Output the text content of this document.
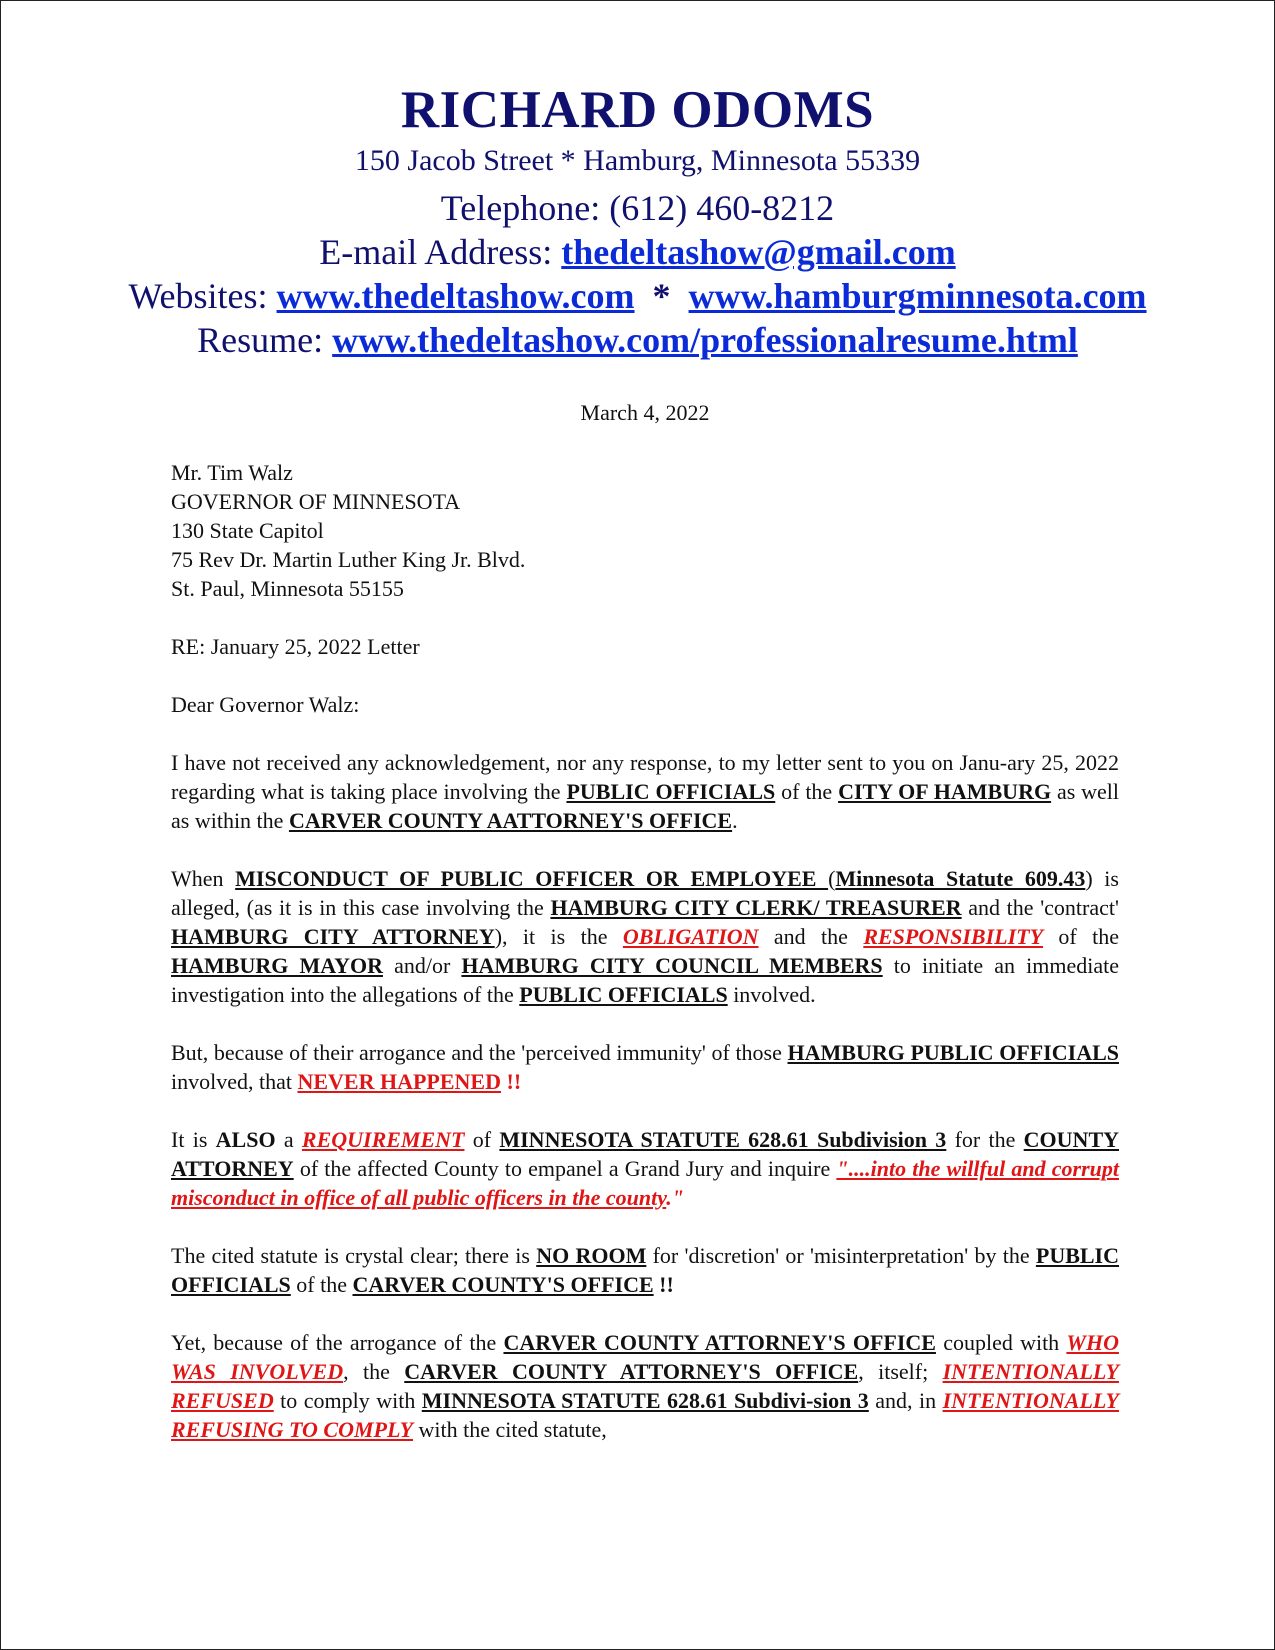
RICHARD ODOMS
150 Jacob Street * Hamburg, Minnesota 55339
Telephone: (612) 460-8212
E-mail Address: thedeltashow@gmail.com
Websites: www.thedeltashow.com  *  www.hamburgminnesota.com
Resume: www.thedeltashow.com/professionalresume.html
March 4, 2022
Mr. Tim Walz
GOVERNOR OF MINNESOTA
130 State Capitol
75 Rev Dr. Martin Luther King Jr. Blvd.
St. Paul, Minnesota 55155
RE: January 25, 2022 Letter
Dear Governor Walz:

I have not received any acknowledgement, nor any response, to my letter sent to you on Janu-ary 25, 2022 regarding what is taking place involving the PUBLIC OFFICIALS of the CITY OF HAMBURG as well as within the CARVER COUNTY AATTORNEY'S OFFICE.

When MISCONDUCT OF PUBLIC OFFICER OR EMPLOYEE (Minnesota Statute 609.43) is alleged, (as it is in this case involving the HAMBURG CITY CLERK/ TREASURER and the 'contract' HAMBURG CITY ATTORNEY), it is the OBLIGATION and the RESPONSIBILITY of the HAMBURG MAYOR and/or HAMBURG CITY COUNCIL MEMBERS to initiate an immediate investigation into the allegations of the PUBLIC OFFICIALS involved.

But, because of their arrogance and the 'perceived immunity' of those HAMBURG PUBLIC OFFICIALS involved, that NEVER HAPPENED !!

It is ALSO a REQUIREMENT of MINNESOTA STATUTE 628.61 Subdivision 3 for the COUNTY ATTORNEY of the affected County to empanel a Grand Jury and inquire "....into the willful and corrupt misconduct in office of all public officers in the county."

The cited statute is crystal clear; there is NO ROOM for 'discretion' or 'misinterpretation' by the PUBLIC OFFICIALS of the CARVER COUNTY'S OFFICE !!

Yet, because of the arrogance of the CARVER COUNTY ATTORNEY'S OFFICE coupled with WHO WAS INVOLVED, the CARVER COUNTY ATTORNEY'S OFFICE, itself; INTENTIONALLY REFUSED to comply with MINNESOTA STATUTE 628.61 Subdivi-sion 3 and, in INTENTIONALLY REFUSING TO COMPLY with the cited statute,
